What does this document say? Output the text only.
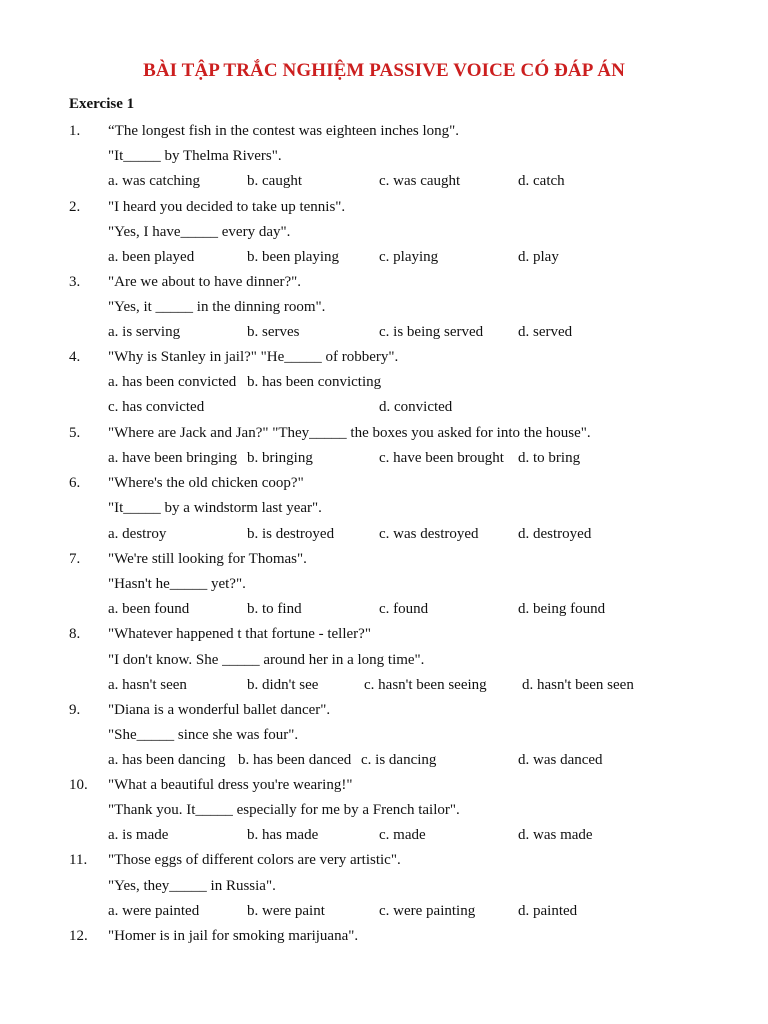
BÀI TẬP TRẮC NGHIỆM PASSIVE VOICE CÓ ĐÁP ÁN
Exercise 1
1. “The longest fish in the contest was eighteen inches long".
"It_____ by Thelma Rivers".
a. was catching	b. caught	c. was caught	d. catch
2. "I heard you decided to take up tennis".
"Yes, I have_____ every day".
a. been played	b. been playing	c. playing	d. play
3. "Are we about to have dinner?".
"Yes, it _____ in the dinning room".
a. is serving	b. serves	c. is being served d. served
4. "Why is Stanley in jail?" "He_____ of robbery".
a. has been convicted b. has been convicting
c. has convicted	d. convicted
5. "Where are Jack and Jan?" "They_____ the boxes you asked for into the house".
a. have been bringing b. bringing	c. have been brought d. to bring
6. "Where's the old chicken coop?"
"It_____ by a windstorm last year".
a. destroy	b. is destroyed	c. was destroyed	d. destroyed
7. "We're still looking for Thomas".
"Hasn't he_____ yet?".
a. been found	b. to find	c. found	d. being found
8. "Whatever happened t that fortune - teller?"
"I don't know. She _____ around her in a long time".
a. hasn't seen	b. didn't see	c. hasn't been seeing d. hasn't been seen
9. "Diana is a wonderful ballet dancer".
"She_____ since she was four".
a. has been dancing b. has been danced c. is dancing	d. was danced
10. "What a beautiful dress you're wearing!"
"Thank you. It_____ especially for me by a French tailor".
a. is made	b. has made	c. made	d. was made
11. "Those eggs of different colors are very artistic".
"Yes, they_____ in Russia".
a. were painted	b. were paint	c. were painting	d. painted
12. "Homer is in jail for smoking marijuana".
